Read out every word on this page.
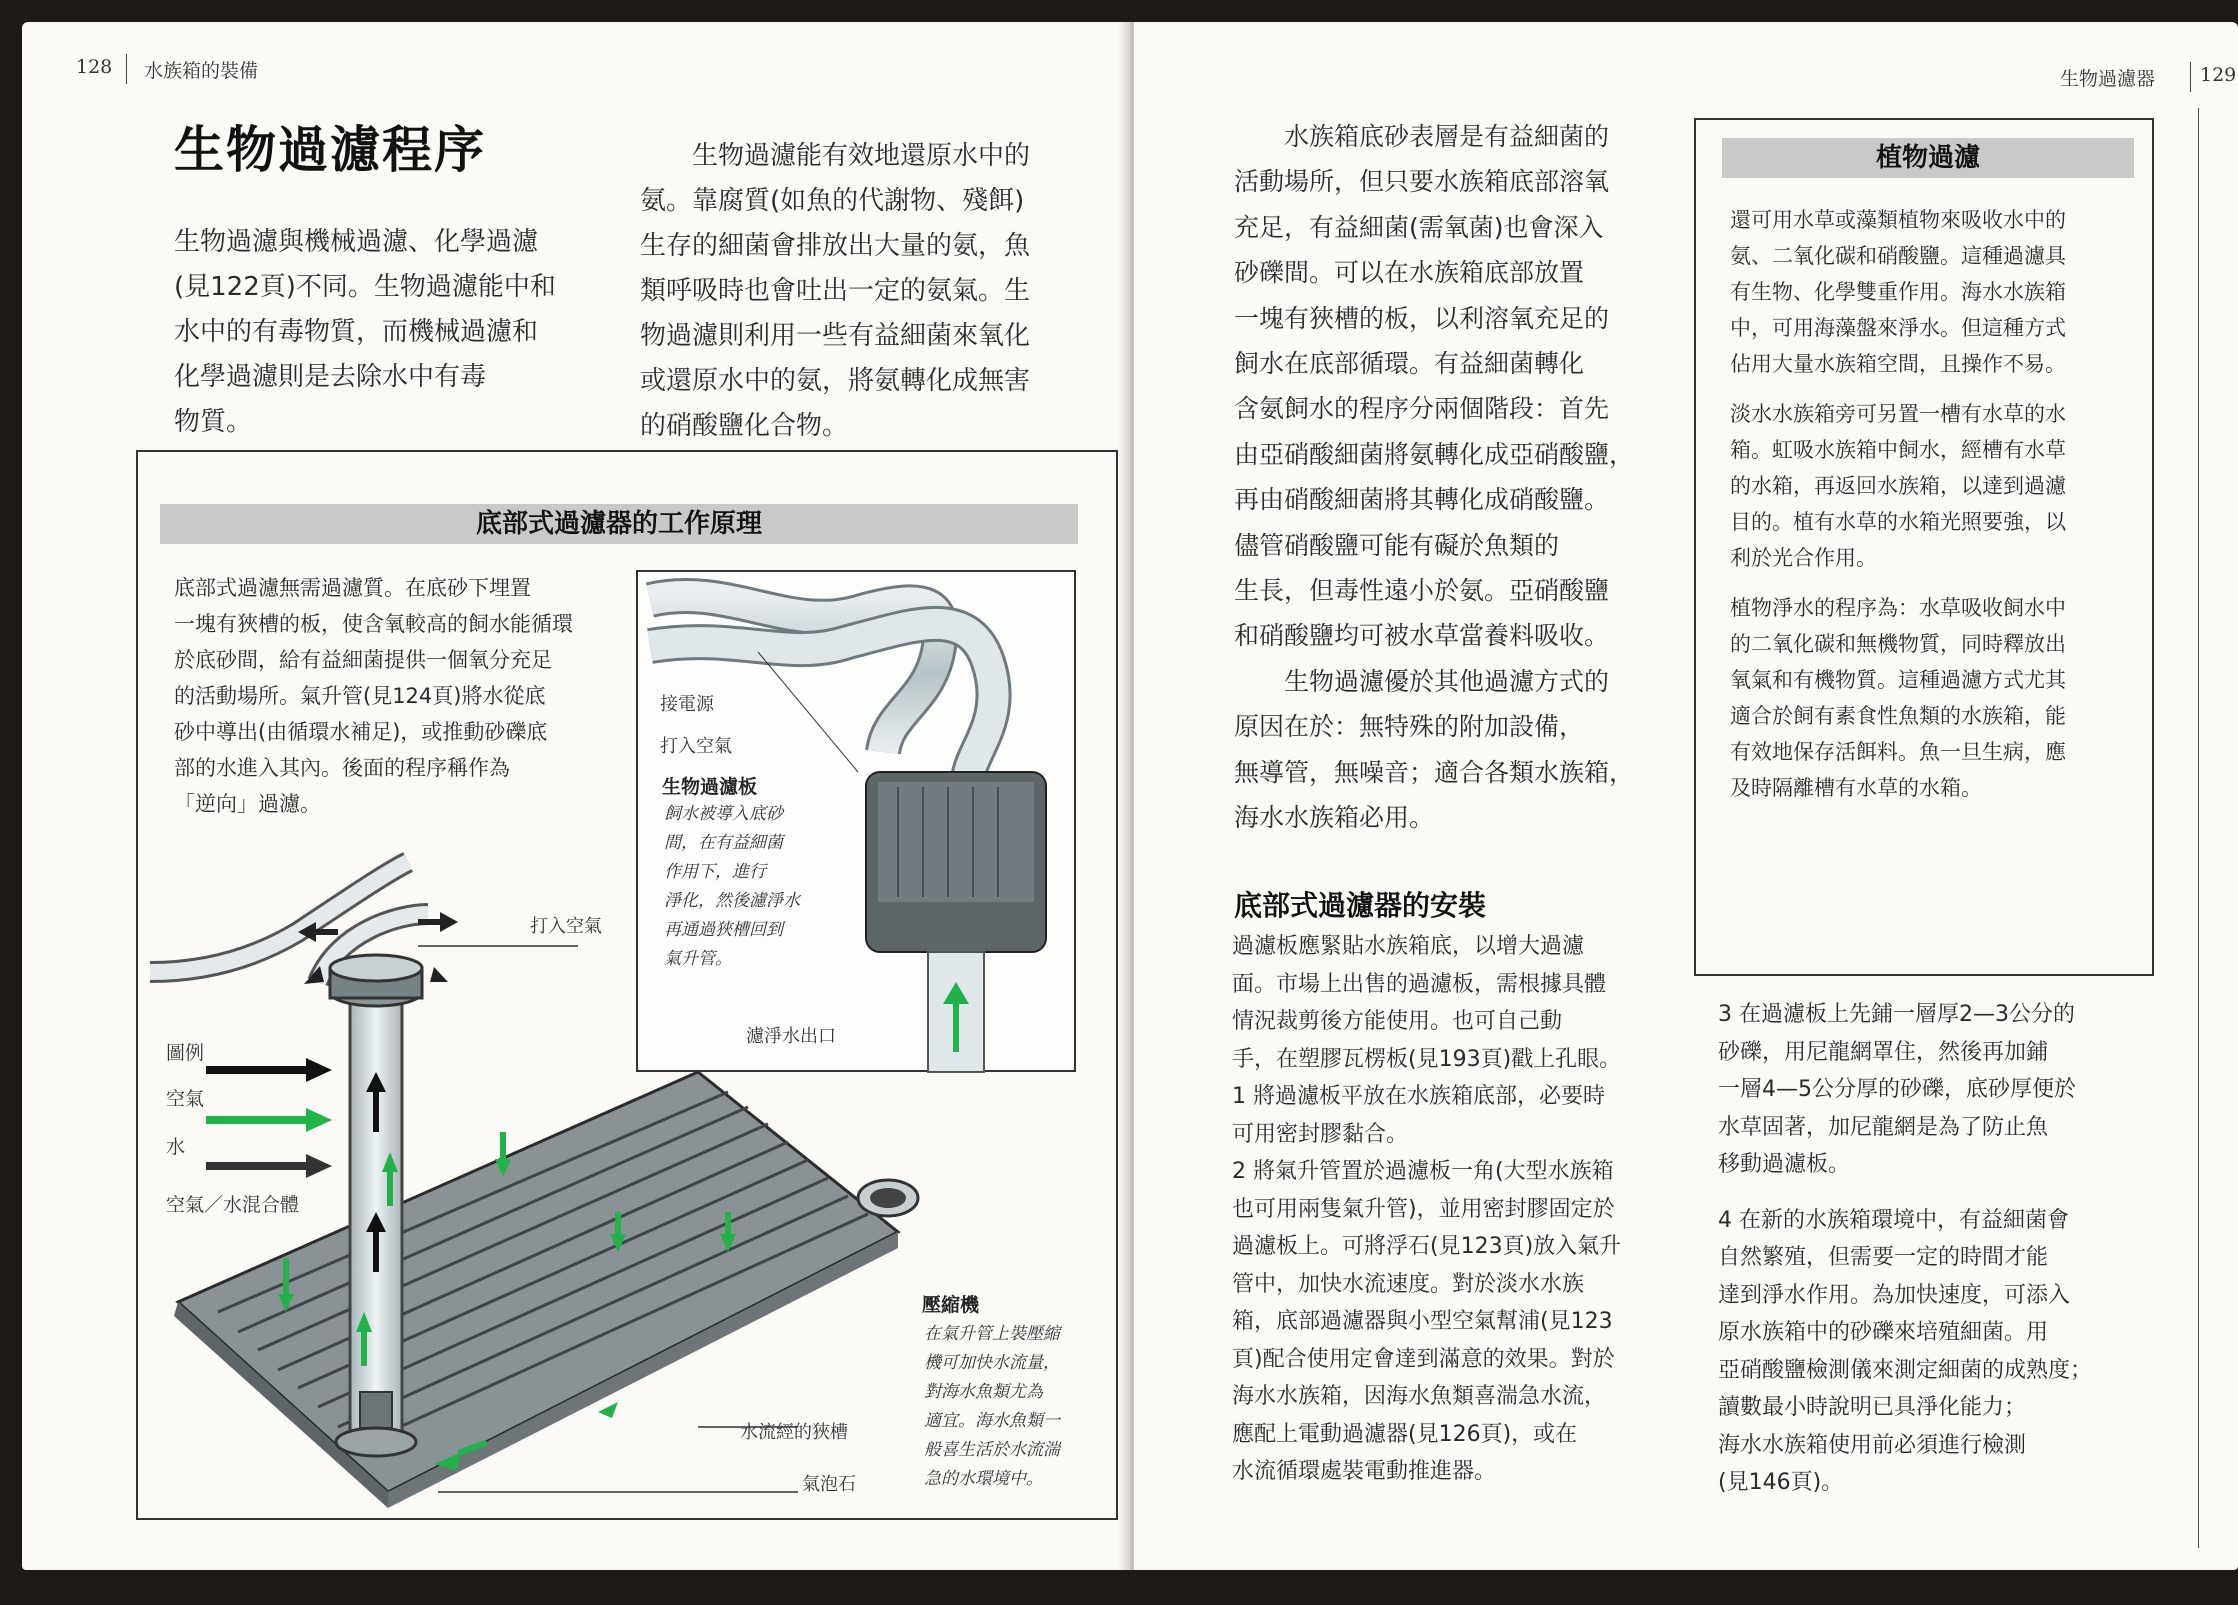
128 水族箱的裝備
生物過濾程序
生物過濾與機械過濾、化學過濾
(見122頁)不同。生物過濾能中和
水中的有毒物質，而機械過濾和
化學過濾則是去除水中有毒
物質。
生物過濾能有效地還原水中的
氨。靠腐質(如魚的代謝物、殘餌)
生存的細菌會排放出大量的氨，魚
類呼吸時也會吐出一定的氨氣。生
物過濾則利用一些有益細菌來氧化
或還原水中的氨，將氨轉化成無害
的硝酸鹽化合物。
底部式過濾器的工作原理
底部式過濾無需過濾質。在底砂下埋置
一塊有狹槽的板，使含氧較高的飼水能循環
於底砂間，給有益細菌提供一個氧分充足
的活動場所。氣升管(見124頁)將水從底
砂中導出(由循環水補足)，或推動砂礫底
部的水進入其內。後面的程序稱作為
「逆向」過濾。
接電源
打入空氣
生物過濾板
飼水被導入底砂
間，在有益細菌
作用下，進行
淨化，然後濾淨水
再通過狹槽回到
氣升管。
濾淨水出口
打入空氣
圖例
空氣
水
空氣／水混合體
壓縮機
在氣升管上裝壓縮
機可加快水流量，
對海水魚類尤為
適宜。海水魚類一
般喜生活於水流湍
急的水環境中。
水流經的狹槽
氣泡石
生物過濾器 129
水族箱底砂表層是有益細菌的
活動場所，但只要水族箱底部溶氧
充足，有益細菌(需氧菌)也會深入
砂礫間。可以在水族箱底部放置
一塊有狹槽的板，以利溶氧充足的
飼水在底部循環。有益細菌轉化
含氨飼水的程序分兩個階段：首先
由亞硝酸細菌將氨轉化成亞硝酸鹽，
再由硝酸細菌將其轉化成硝酸鹽。
儘管硝酸鹽可能有礙於魚類的
生長，但毒性遠小於氨。亞硝酸鹽
和硝酸鹽均可被水草當養料吸收。
生物過濾優於其他過濾方式的
原因在於：無特殊的附加設備，
無導管，無噪音；適合各類水族箱，
海水水族箱必用。
底部式過濾器的安裝
過濾板應緊貼水族箱底，以增大過濾
面。市場上出售的過濾板，需根據具體
情況裁剪後方能使用。也可自己動
手，在塑膠瓦楞板(見193頁)戳上孔眼。
1 將過濾板平放在水族箱底部，必要時
可用密封膠黏合。
2 將氣升管置於過濾板一角(大型水族箱
也可用兩隻氣升管)，並用密封膠固定於
過濾板上。可將浮石(見123頁)放入氣升
管中，加快水流速度。對於淡水水族
箱，底部過濾器與小型空氣幫浦(見123
頁)配合使用定會達到滿意的效果。對於
海水水族箱，因海水魚類喜湍急水流，
應配上電動過濾器(見126頁)，或在
水流循環處裝電動推進器。
植物過濾
還可用水草或藻類植物來吸收水中的
氨、二氧化碳和硝酸鹽。這種過濾具
有生物、化學雙重作用。海水水族箱
中，可用海藻盤來淨水。但這種方式
佔用大量水族箱空間，且操作不易。
淡水水族箱旁可另置一槽有水草的水
箱。虹吸水族箱中飼水，經槽有水草
的水箱，再返回水族箱，以達到過濾
目的。植有水草的水箱光照要強，以
利於光合作用。
植物淨水的程序為：水草吸收飼水中
的二氧化碳和無機物質，同時釋放出
氧氣和有機物質。這種過濾方式尤其
適合於飼有素食性魚類的水族箱，能
有效地保存活餌料。魚一旦生病，應
及時隔離槽有水草的水箱。
3 在過濾板上先鋪一層厚2—3公分的
砂礫，用尼龍網罩住，然後再加鋪
一層4—5公分厚的砂礫，底砂厚便於
水草固著，加尼龍網是為了防止魚
移動過濾板。
4 在新的水族箱環境中，有益細菌會
自然繁殖，但需要一定的時間才能
達到淨水作用。為加快速度，可添入
原水族箱中的砂礫來培殖細菌。用
亞硝酸鹽檢測儀來測定細菌的成熟度；
讀數最小時說明已具淨化能力；
海水水族箱使用前必須進行檢測
(見146頁)。
